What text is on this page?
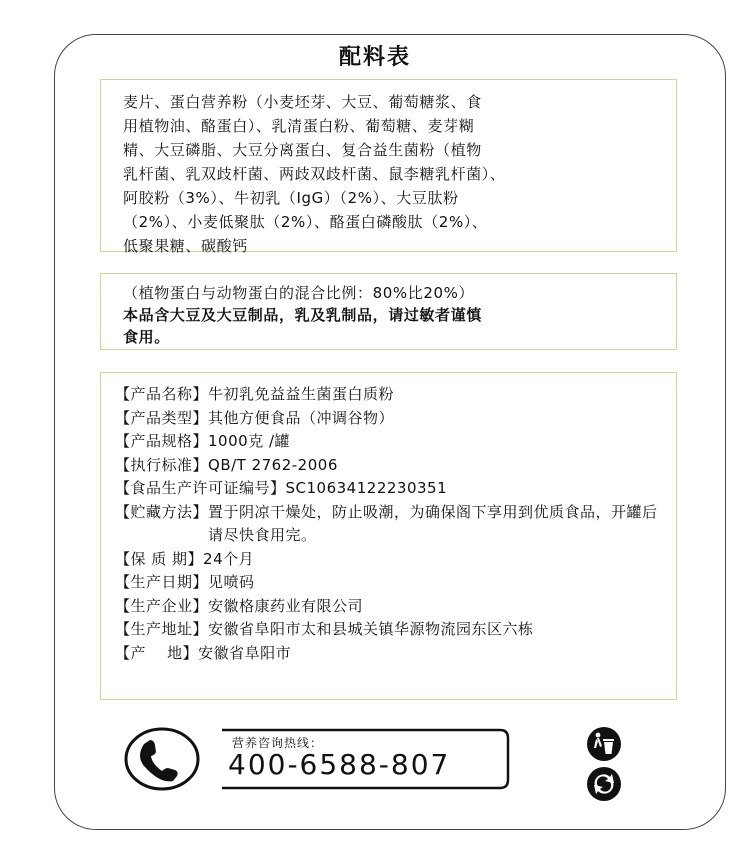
配料表

麦片、蛋白营养粉（小麦坯芽、大豆、葡萄糖浆、食

用植物油、酪蛋白）、乳清蛋白粉、葡萄糖、麦芽糊

精、大豆磷脂、大豆分离蛋白、复合益生菌粉（植物

乳杆菌、乳双歧杆菌、两歧双歧杆菌、鼠李糖乳杆菌）、

阿胶粉（3%）、牛初乳（IgG）（2%）、大豆肽粉

（2%）、小麦低聚肽（2%）、酪蛋白磷酸肽（2%）、

低聚果糖、碳酸钙

（植物蛋白与动物蛋白的混合比例：80%比20%）

本品含大豆及大豆制品，乳及乳制品，请过敏者谨慎

食用。

【产品名称】 牛初乳免益益生菌蛋白质粉
【产品类型】 其他方便食品（冲调谷物）
【产品规格】 1000克 /罐
【执行标准】 QB/T 2762-2006
【食品生产许可证编号】 SC10634122230351
【贮藏方法】 置于阴凉干燥处，防止吸潮，为确保阁下享用到优质食品，开罐后请尽快食用完。
【保 质 期】 24个月
【生产日期】 见喷码
【生产企业】 安徽格康药业有限公司
【生产地址】 安徽省阜阳市太和县城关镇华源物流园东区六栋
【产    地】 安徽省阜阳市
营养咨询热线：
400-6588-807
